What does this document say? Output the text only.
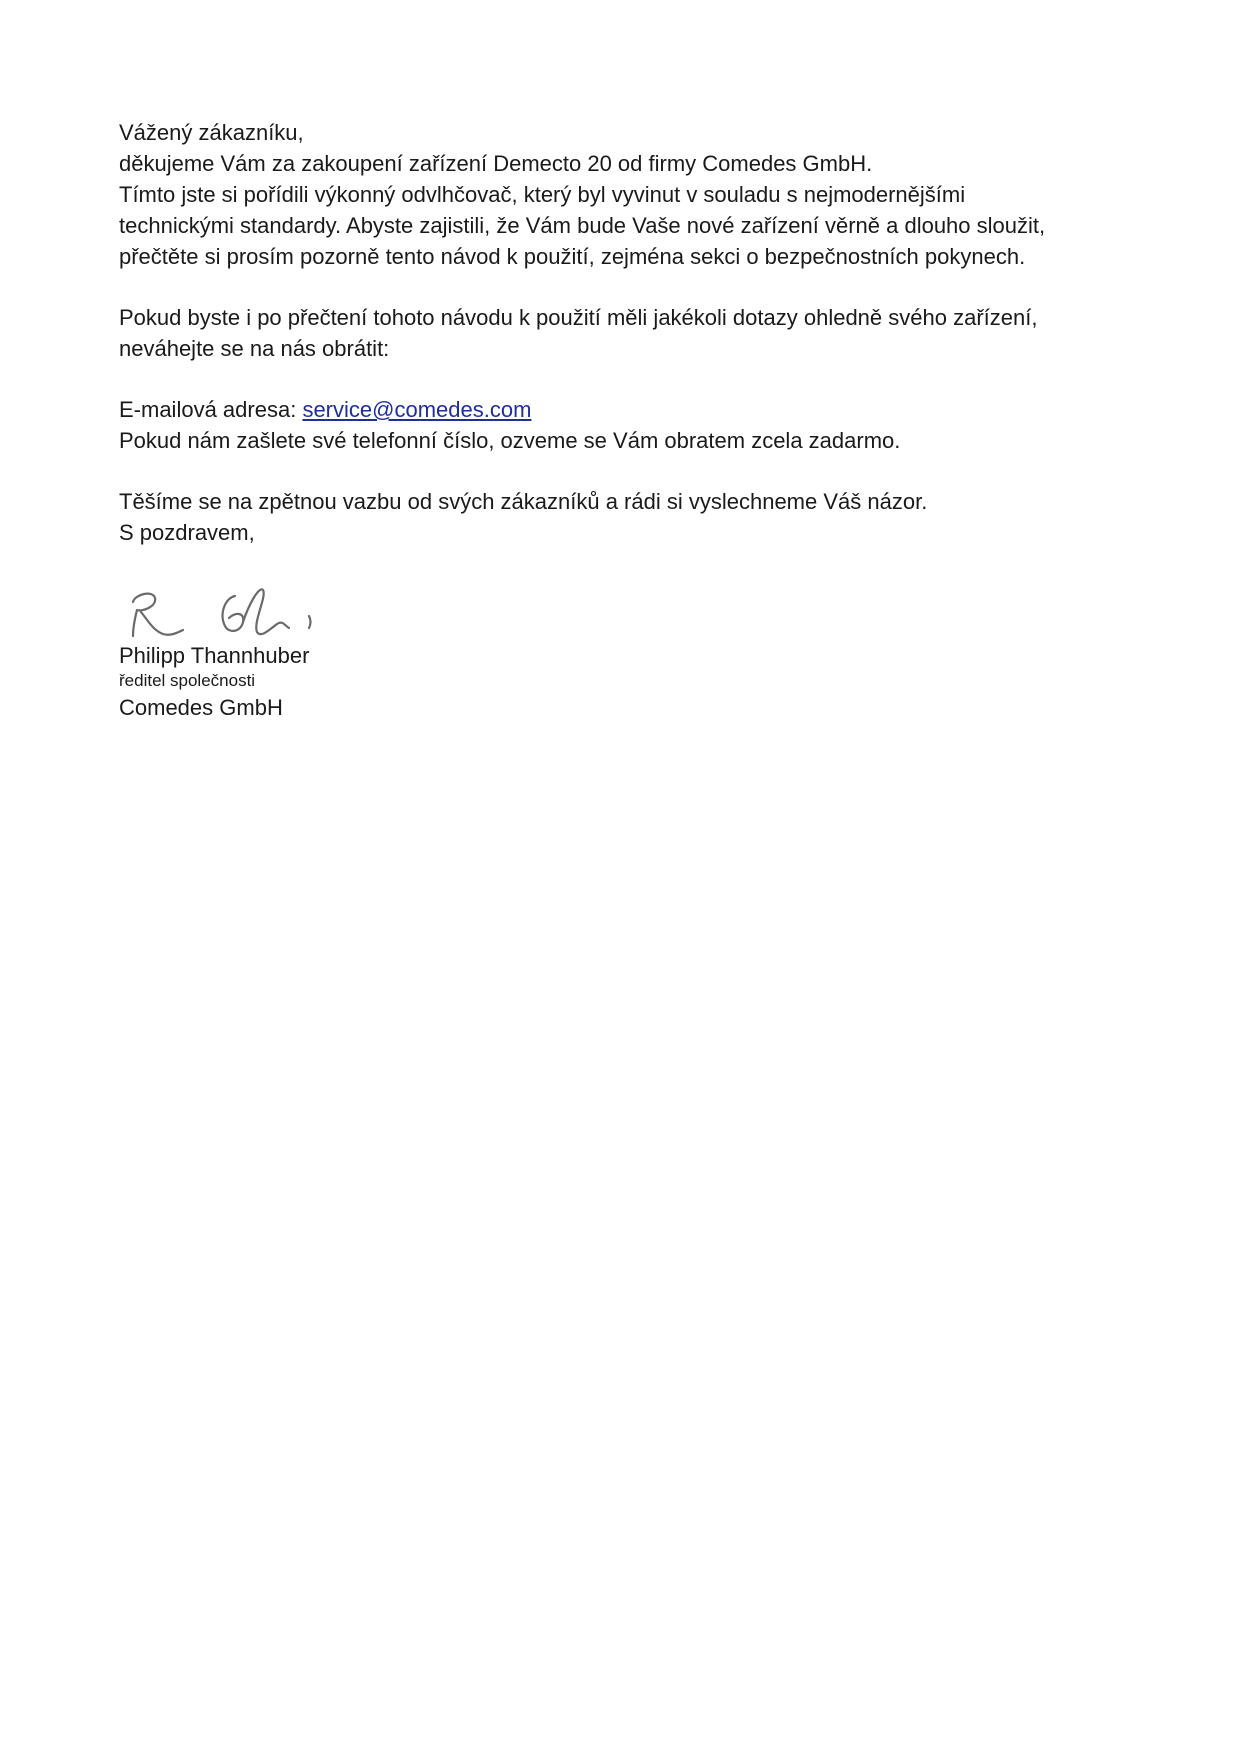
Vážený zákazníku,

děkujeme Vám za zakoupení zařízení Demecto 20 od firmy Comedes GmbH.

Tímto jste si pořídili výkonný odvlhčovač, který byl vyvinut v souladu s nejmodernějšími

technickými standardy. Abyste zajistili, že Vám bude Vaše nové zařízení věrně a dlouho sloužit,

přečtěte si prosím pozorně tento návod k použití, zejména sekci o bezpečnostních pokynech.

Pokud byste i po přečtení tohoto návodu k použití měli jakékoli dotazy ohledně svého zařízení,

neváhejte se na nás obrátit:

E-mailová adresa: service@comedes.com

Pokud nám zašlete své telefonní číslo, ozveme se Vám obratem zcela zadarmo.

Těšíme se na zpětnou vazbu od svých zákazníků a rádi si vyslechneme Váš názor.

S pozdravem,

Philipp Thannhuber

ředitel společnosti

Comedes GmbH
